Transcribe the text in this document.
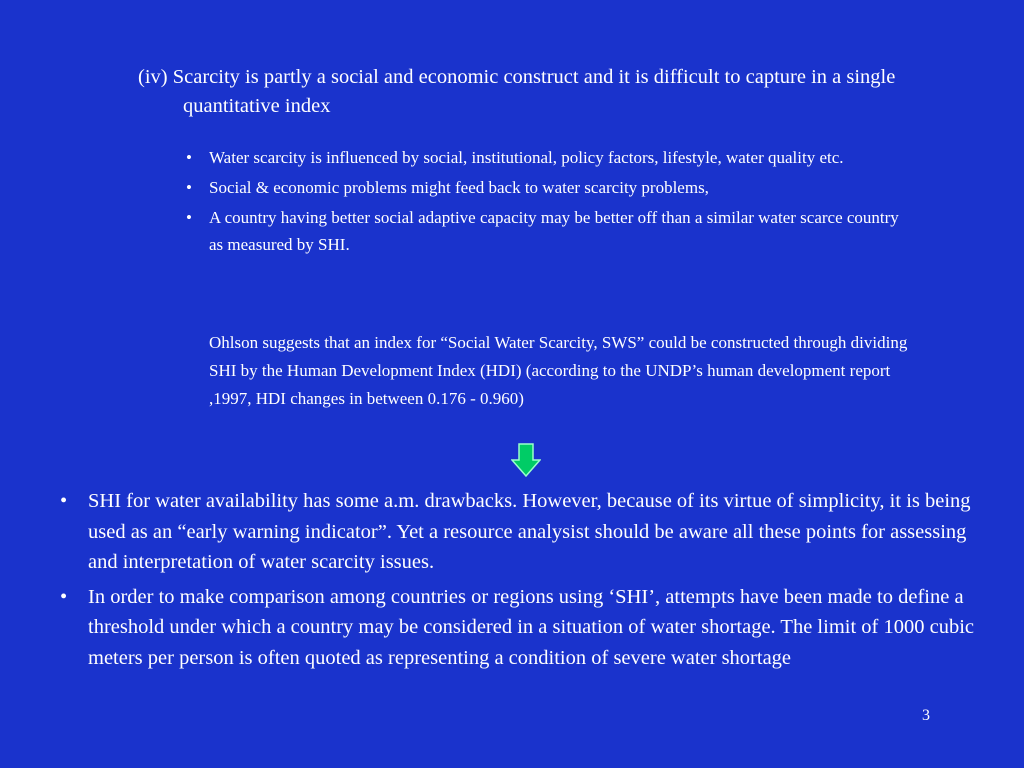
(iv) Scarcity is partly a social and economic construct and it is difficult to capture in a single quantitative index
• Water scarcity is influenced by social, institutional, policy factors, lifestyle, water quality etc.
• Social & economic problems might feed back to water scarcity problems,
• A country having better social adaptive capacity may be better off than a similar water scarce country as measured by SHI.
Ohlson suggests that an index for “Social Water Scarcity, SWS” could be constructed through dividing SHI by the Human Development Index (HDI) (according to the UNDP’s human development report ,1997, HDI changes in between 0.176 - 0.960)
• SHI for water availability has some a.m. drawbacks. However, because of its virtue of simplicity, it is being used as an “early warning indicator”. Yet a resource analysist should be aware all these points for assessing and interpretation of water scarcity issues.
• In order to make comparison among countries or regions using ‘SHI’, attempts have been made to define a threshold under which a country may be considered in a situation of water shortage. The limit of 1000 cubic meters per person is often quoted as representing a condition of severe water shortage
3
